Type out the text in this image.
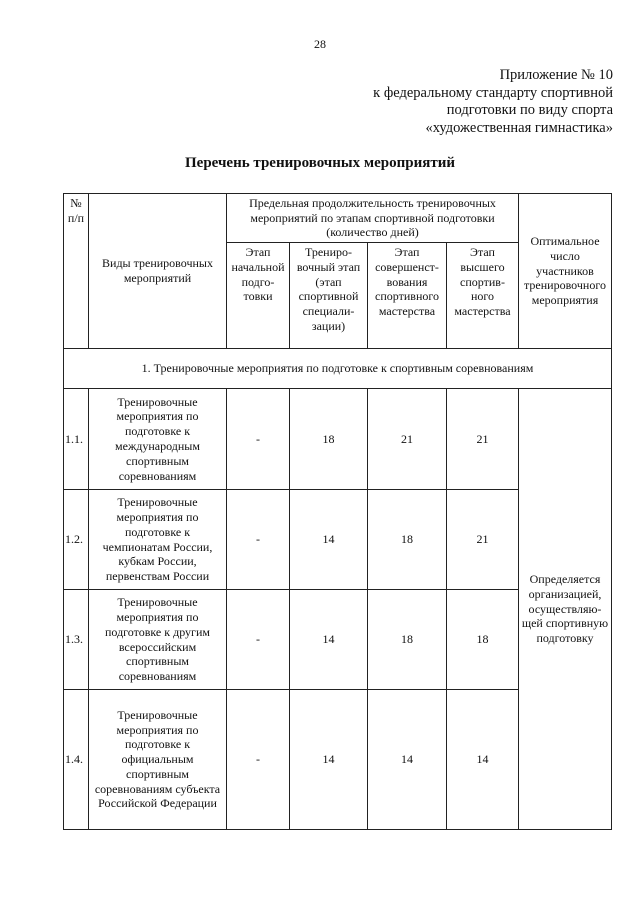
28
Приложение № 10
к федеральному стандарту спортивной
подготовки по виду спорта
«художественная гимнастика»
Перечень тренировочных мероприятий
№ п/п	Виды тренировочных мероприятий	Предельная продолжительность тренировочных мероприятий по этапам спортивной подготовки (количество дней)				Оптимальное число участников тренировочного мероприятия
		Этап начальной подго-товки	Трениро-вочный этап (этап спортивной специали-зации)	Этап совершенст-вования спортивного мастерства	Этап высшего спортив-ного мастерства	
1. Тренировочные мероприятия по подготовке к спортивным соревнованиям						
1.1.	Тренировочные мероприятия по подготовке к международным спортивным соревнованиям	-	18	21	21	Определяется организацией, осуществляю-щей спортивную подготовку
1.2.	Тренировочные мероприятия по подготовке к чемпионатам России, кубкам России, первенствам России	-	14	18	21	
1.3.	Тренировочные мероприятия по подготовке к другим всероссийским спортивным соревнованиям	-	14	18	18	
1.4.	Тренировочные мероприятия по подготовке к официальным спортивным соревнованиям субъекта Российской Федерации	-	14	14	14	
